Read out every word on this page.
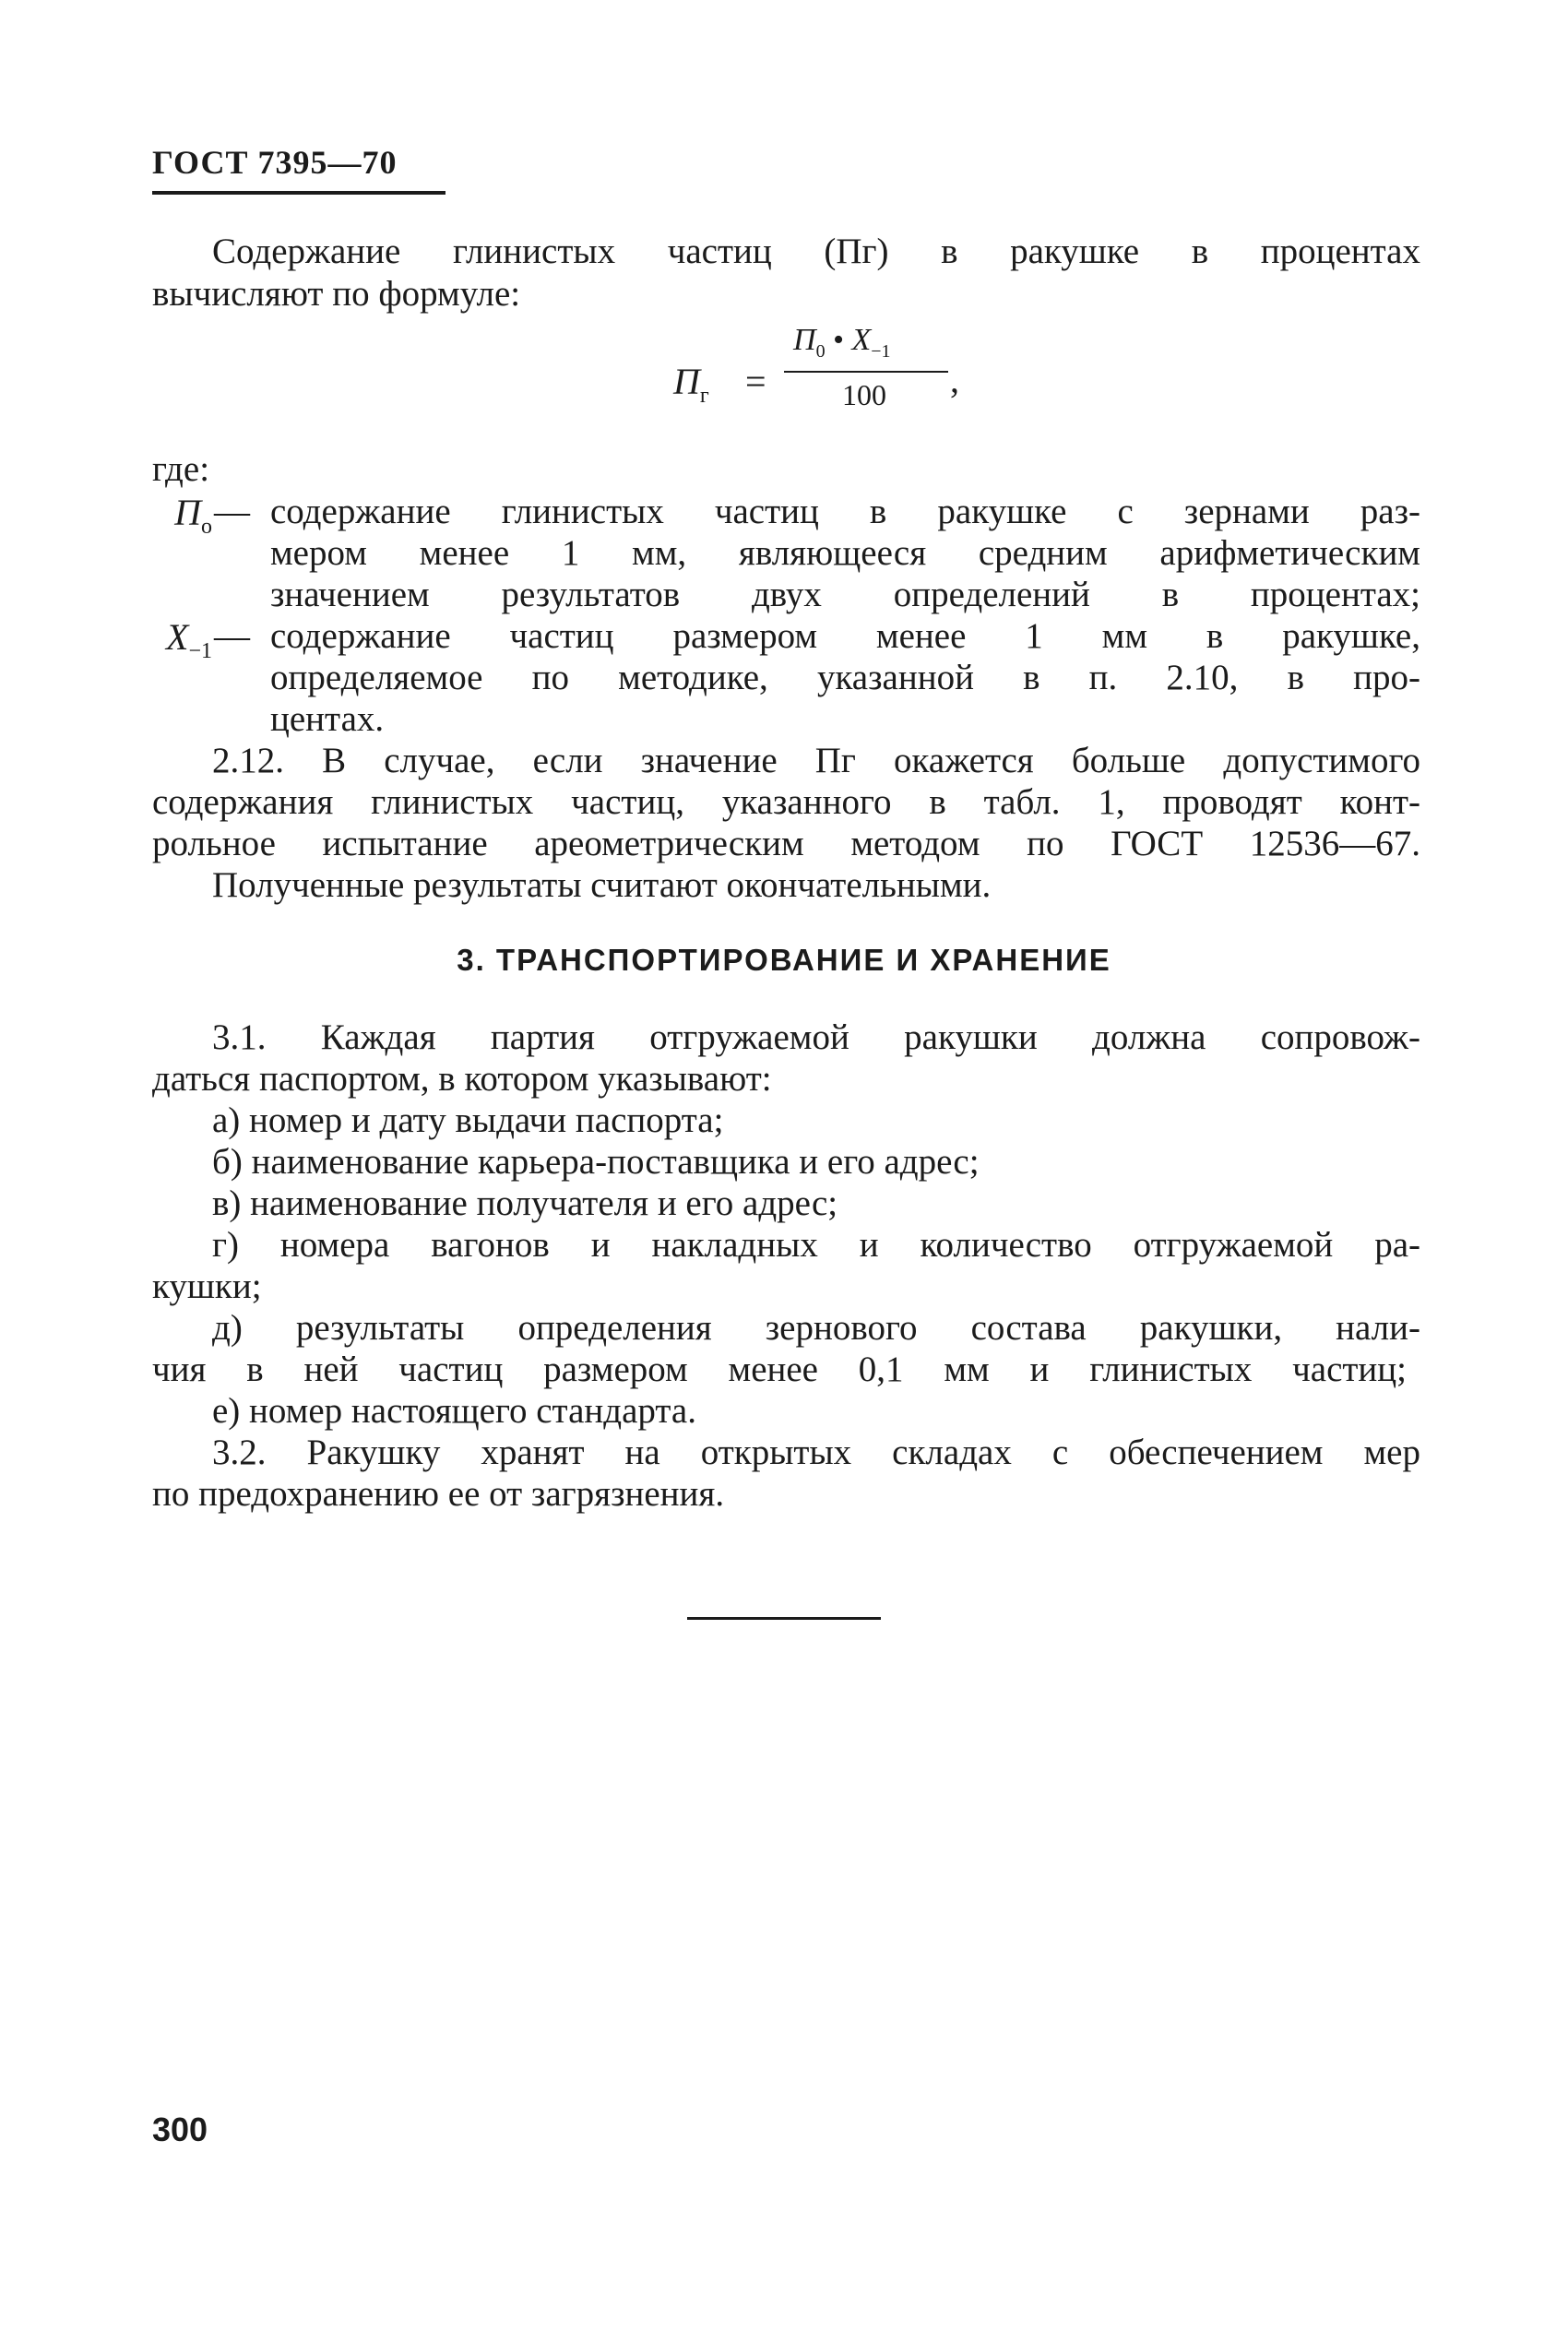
ГОСТ 7395—70
Содержание глинистых частиц (Пг) в ракушке в процентах
вычисляют по формуле:
$П_г$ =
$П_0$ • $X_{-1}$
100 ,
где:
$П_о$ — содержание глинистых частиц в ракушке с зернами раз-
мером менее 1 мм, являющееся средним арифметическим
значением результатов двух определений в процентах;
$X_{-1}$ — содержание частиц размером менее 1 мм в ракушке,
определяемое по методике, указанной в п. 2.10, в про-
центах.
2.12. В случае, если значение Пг окажется больше допустимого
содержания глинистых частиц, указанного в табл. 1, проводят конт-
рольное испытание ареометрическим методом по ГОСТ 12536—67.
Полученные результаты считают окончательными.
3. ТРАНСПОРТИРОВАНИЕ И ХРАНЕНИЕ
3.1. Каждая партия отгружаемой ракушки должна сопровож-
даться паспортом, в котором указывают:
а) номер и дату выдачи паспорта;
б) наименование карьера-поставщика и его адрес;
в) наименование получателя и его адрес;
г) номера вагонов и накладных и количество отгружаемой ра-
кушки;
д) результаты определения зернового состава ракушки, нали-
чия в ней частиц размером менее 0,1 мм и глинистых частиц;
е) номер настоящего стандарта.
3.2. Ракушку хранят на открытых складах с обеспечением мер
по предохранению ее от загрязнения.
300
